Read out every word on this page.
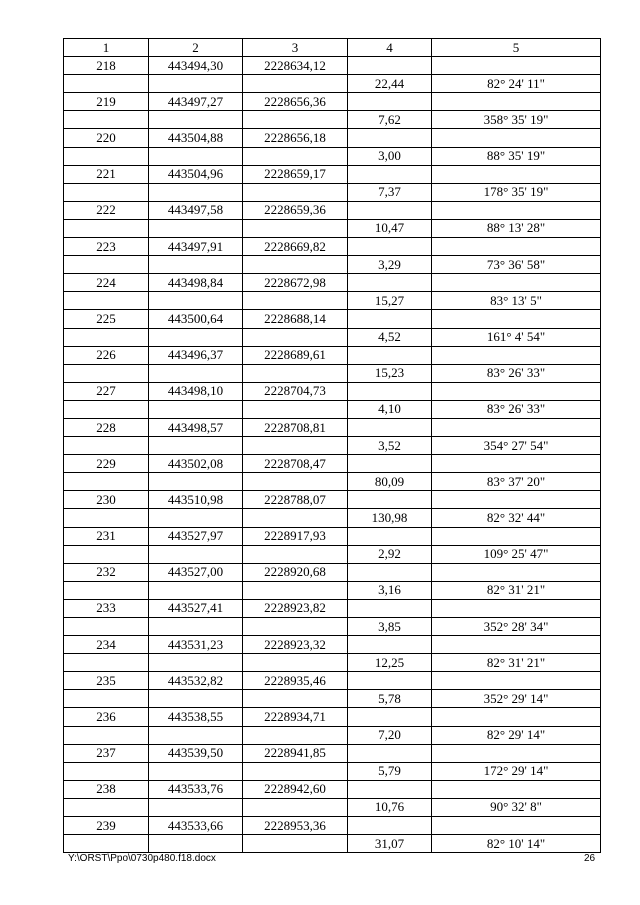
1	2	3	4	5
218	443494,30	2228634,12		
			22,44	82° 24' 11"
219	443497,27	2228656,36		
			7,62	358° 35' 19"
220	443504,88	2228656,18		
			3,00	88° 35' 19"
221	443504,96	2228659,17		
			7,37	178° 35' 19"
222	443497,58	2228659,36		
			10,47	88° 13' 28"
223	443497,91	2228669,82		
			3,29	73° 36' 58"
224	443498,84	2228672,98		
			15,27	83° 13' 5"
225	443500,64	2228688,14		
			4,52	161° 4' 54"
226	443496,37	2228689,61		
			15,23	83° 26' 33"
227	443498,10	2228704,73		
			4,10	83° 26' 33"
228	443498,57	2228708,81		
			3,52	354° 27' 54"
229	443502,08	2228708,47		
			80,09	83° 37' 20"
230	443510,98	2228788,07		
			130,98	82° 32' 44"
231	443527,97	2228917,93		
			2,92	109° 25' 47"
232	443527,00	2228920,68		
			3,16	82° 31' 21"
233	443527,41	2228923,82		
			3,85	352° 28' 34"
234	443531,23	2228923,32		
			12,25	82° 31' 21"
235	443532,82	2228935,46		
			5,78	352° 29' 14"
236	443538,55	2228934,71		
			7,20	82° 29' 14"
237	443539,50	2228941,85		
			5,79	172° 29' 14"
238	443533,76	2228942,60		
			10,76	90° 32' 8"
239	443533,66	2228953,36		
			31,07	82° 10' 14"
Y:\ORST\Ppo\0730p480.f18.docx	26
